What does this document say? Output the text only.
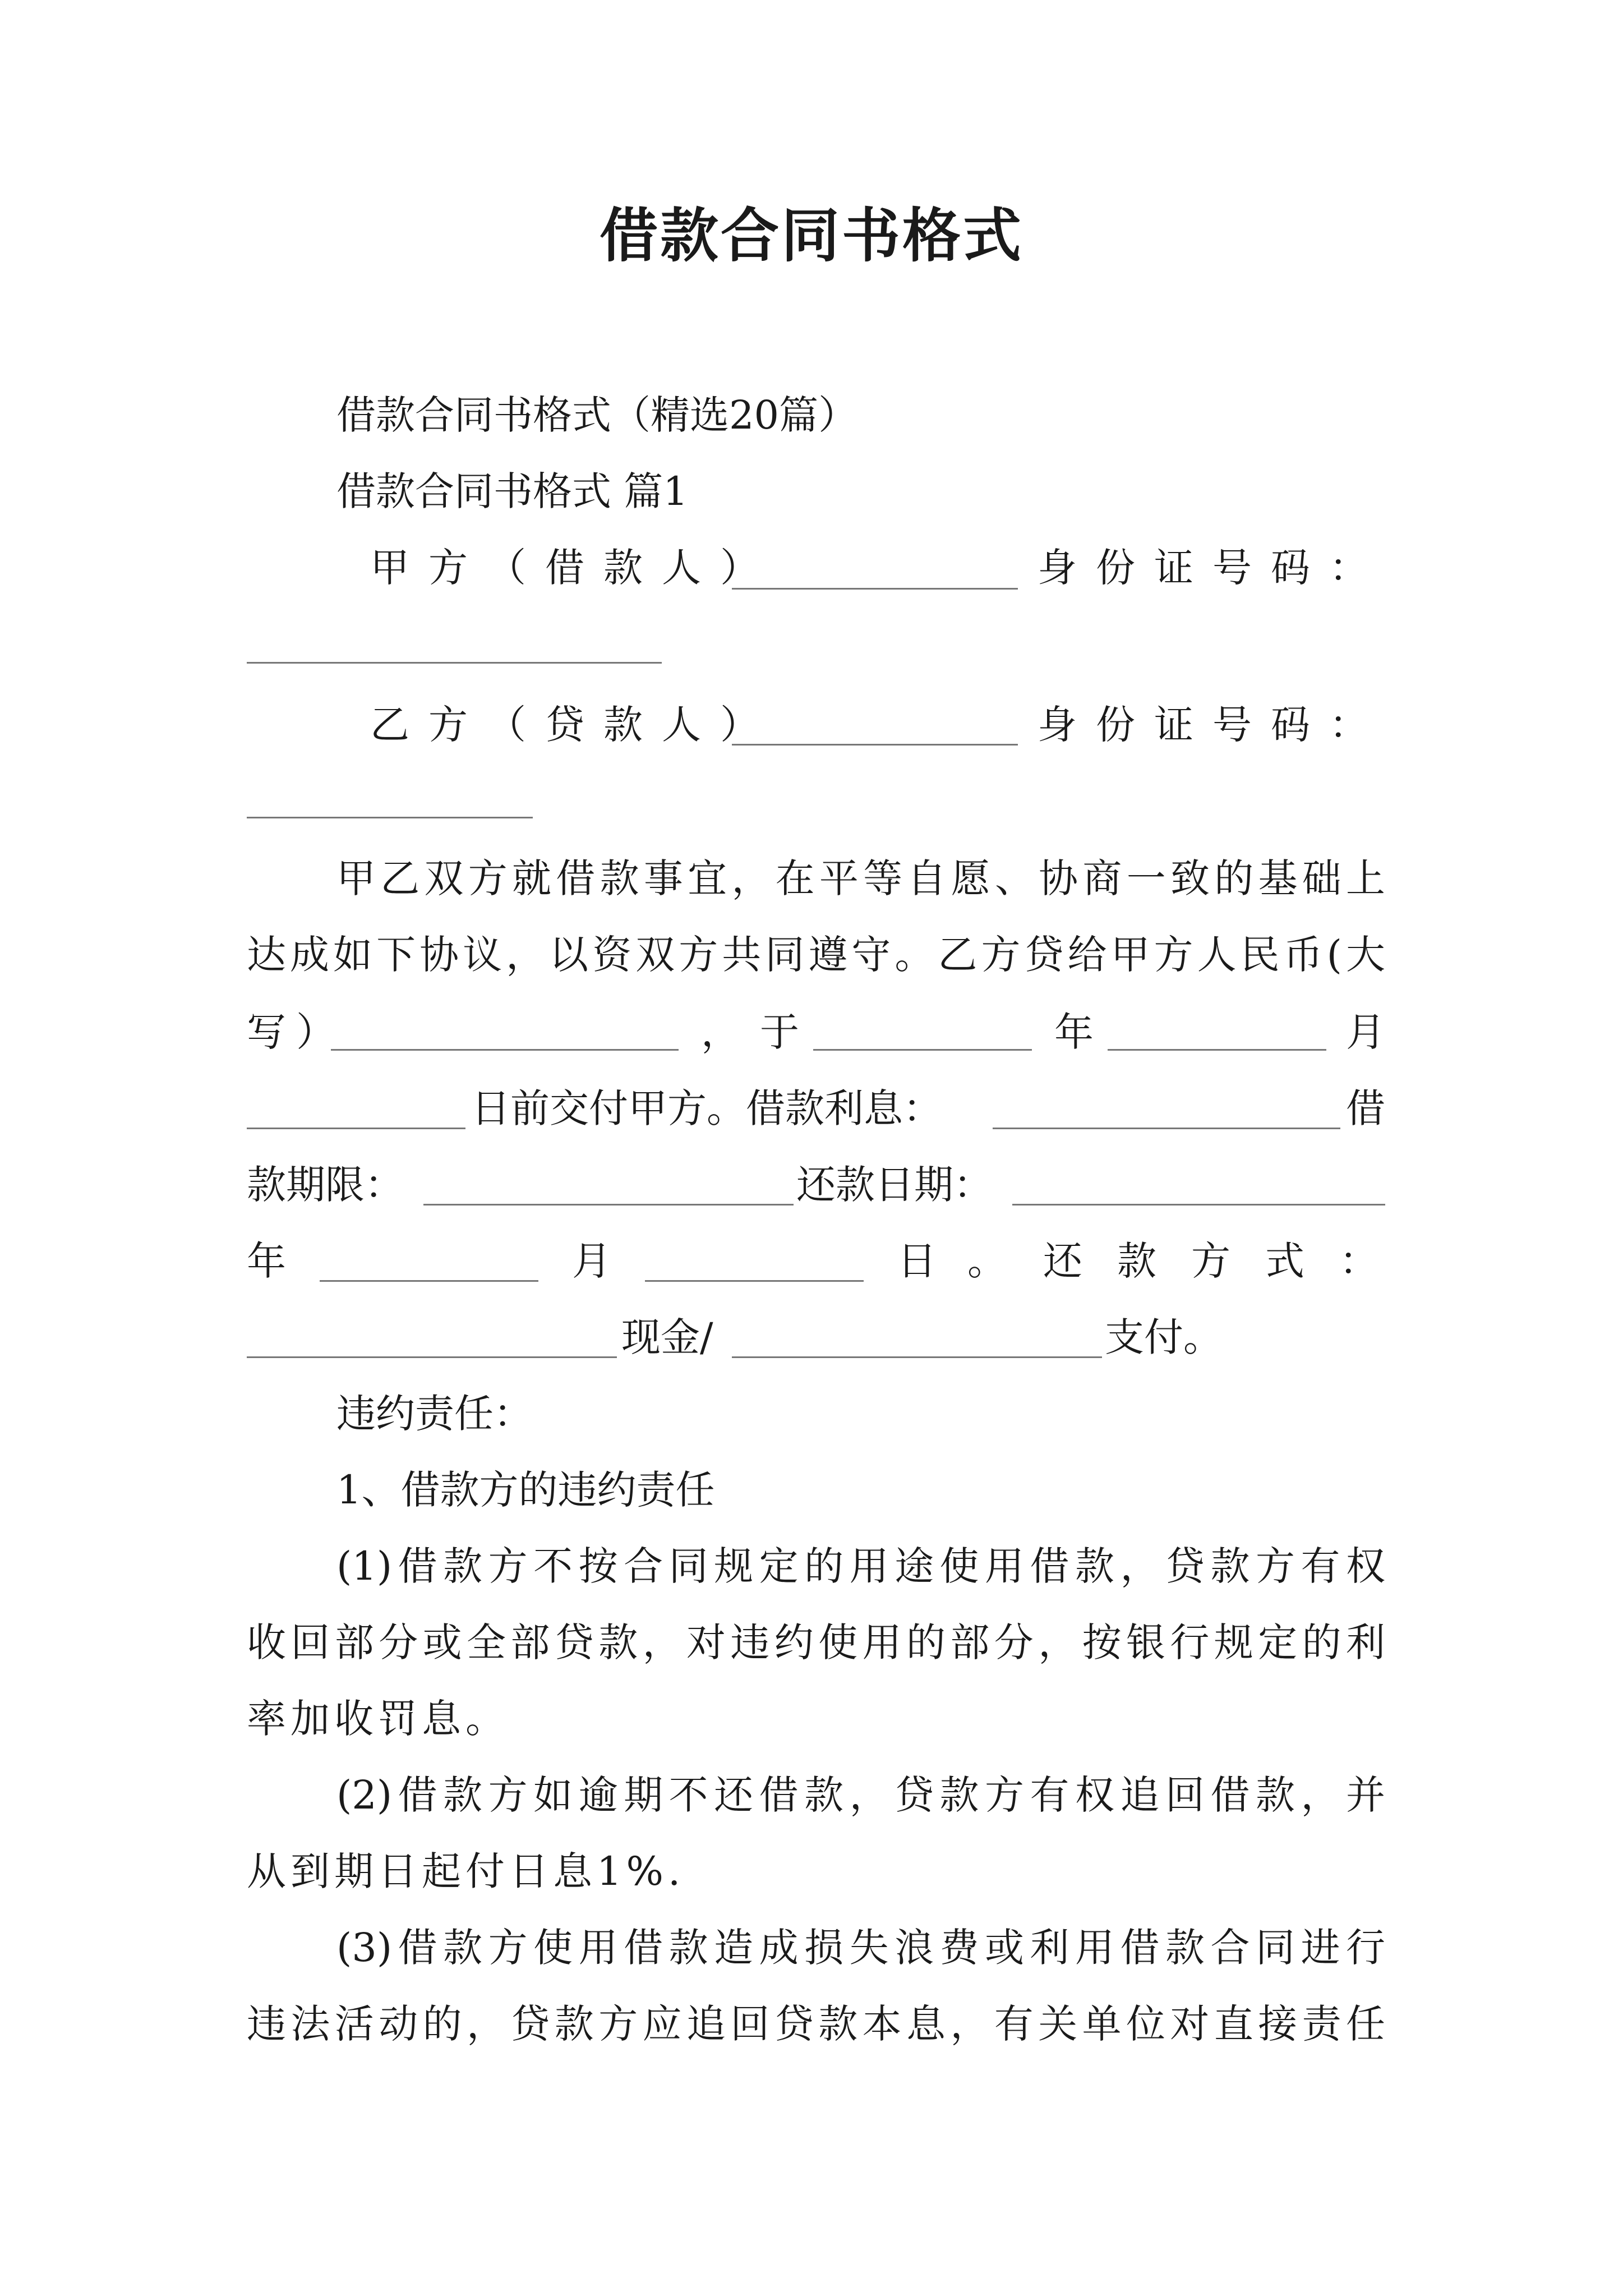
借款合同书格式
借款合同书格式（精选20篇）
借款合同书格式 篇1
甲方（借款人）	身份证号码：
乙方（贷款人）	身份证号码：
甲乙双方就借款事宜，在平等自愿、协商一致的基础上
达成如下协议，以资双方共同遵守。乙方贷给甲方人民币(大
写）	， 于	年	月
日前交付甲方。借款利息：	借
款期限：	还款日期：
年	月	日 。 还款方式：
现金/	支付。
违约责任：
1、借款方的违约责任
(1)借款方不按合同规定的用途使用借款，贷款方有权
收回部分或全部贷款，对违约使用的部分，按银行规定的利
率加收罚息。
(2)借款方如逾期不还借款，贷款方有权追回借款，并
从到期日起付日息1%.
(3)借款方使用借款造成损失浪费或利用借款合同进行
违法活动的，贷款方应追回贷款本息，有关单位对直接责任
